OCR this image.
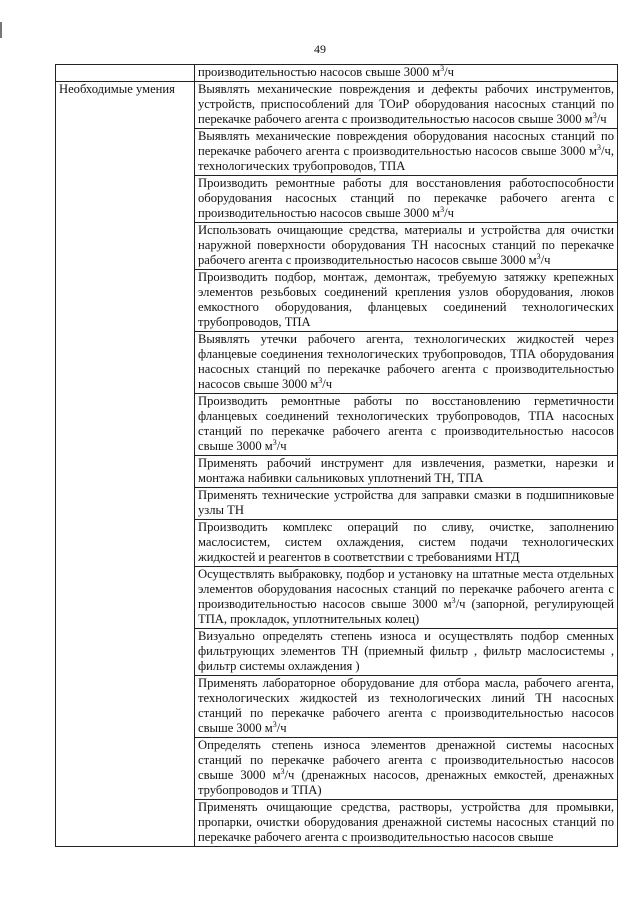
49
	производительностью насосов свыше 3000 $м^3/ч$
Необходимые умения	Выявлять механические повреждения и дефекты рабочих инструментов, устройств, приспособлений для ТОиР оборудования насосных станций по перекачке рабочего агента с производительностью насосов свыше 3000 $м^3/ч$
	Выявлять механические повреждения оборудования насосных станций по перекачке рабочего агента с производительностью насосов свыше 3000 $м^3/ч$, технологических трубопроводов, ТПА
	Производить ремонтные работы для восстановления работоспособности оборудования насосных станций по перекачке рабочего агента с производительностью насосов свыше 3000 $м^3/ч$
	Использовать очищающие средства, материалы и устройства для очистки наружной поверхности оборудования ТН насосных станций по перекачке рабочего агента с производительностью насосов свыше 3000 $м^3/ч$
	Производить подбор, монтаж, демонтаж, требуемую затяжку крепежных элементов резьбовых соединений крепления узлов оборудования, люков емкостного оборудования, фланцевых соединений технологических трубопроводов, ТПА
	Выявлять утечки рабочего агента, технологических жидкостей через фланцевые соединения технологических трубопроводов, ТПА оборудования насосных станций по перекачке рабочего агента с производительностью насосов свыше 3000 $м^3/ч$
	Производить ремонтные работы по восстановлению герметичности фланцевых соединений технологических трубопроводов, ТПА насосных станций по перекачке рабочего агента с производительностью насосов свыше 3000 $м^3/ч$
	Применять рабочий инструмент для извлечения, разметки, нарезки и монтажа набивки сальниковых уплотнений ТН, ТПА
	Применять технические устройства для заправки смазки в подшипниковые узлы ТН
	Производить комплекс операций по сливу, очистке, заполнению маслосистем, систем охлаждения, систем подачи технологических жидкостей и реагентов в соответствии с требованиями НТД
	Осуществлять выбраковку, подбор и установку на штатные места отдельных элементов оборудования насосных станций по перекачке рабочего агента с производительностью насосов свыше 3000 $м^3/ч$ (запорной, регулирующей ТПА, прокладок, уплотнительных колец)
	Визуально определять степень износа и осуществлять подбор сменных фильтрующих элементов ТН (приемный фильтр , фильтр маслосистемы , фильтр системы охлаждения )
	Применять лабораторное оборудование для отбора масла, рабочего агента, технологических жидкостей из технологических линий ТН насосных станций по перекачке рабочего агента с производительностью насосов свыше 3000 $м^3/ч$
	Определять степень износа элементов дренажной системы насосных станций по перекачке рабочего агента с производительностью насосов свыше 3000 $м^3/ч$ (дренажных насосов, дренажных емкостей, дренажных трубопроводов и ТПА)
	Применять очищающие средства, растворы, устройства для промывки, пропарки, очистки оборудования дренажной системы насосных станций по перекачке рабочего агента с производительностью насосов свыше
